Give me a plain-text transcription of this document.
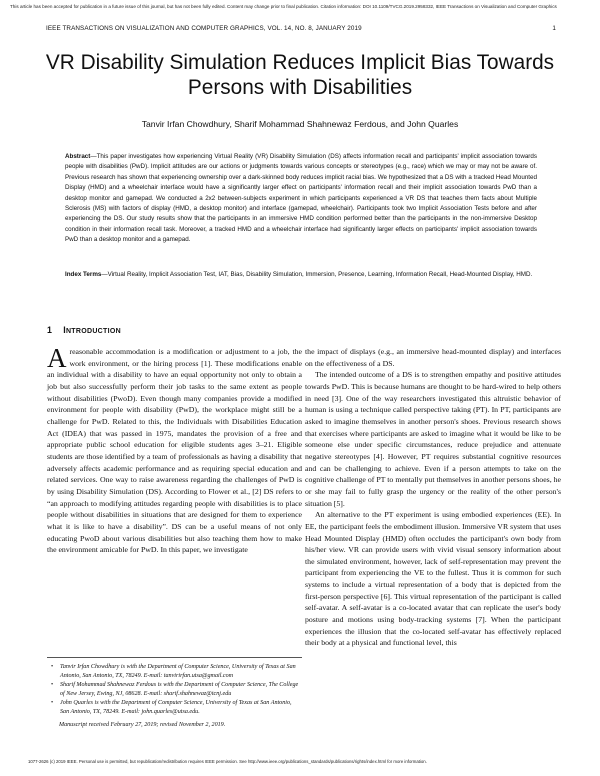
This article has been accepted for publication in a future issue of this journal, but has not been fully edited. Content may change prior to final publication. Citation information: DOI 10.1109/TVCG.2019.2958332, IEEE Transactions on Visualization and Computer Graphics
IEEE TRANSACTIONS ON VISUALIZATION AND COMPUTER GRAPHICS, VOL. 14, NO. 8, JANUARY 2019	1
VR Disability Simulation Reduces Implicit Bias Towards Persons with Disabilities
Tanvir Irfan Chowdhury, Sharif Mohammad Shahnewaz Ferdous, and John Quarles
Abstract—This paper investigates how experiencing Virtual Reality (VR) Disability Simulation (DS) affects information recall and participants' implicit association towards people with disabilities (PwD). Implicit attitudes are our actions or judgments towards various concepts or stereotypes (e.g., race) which we may or may not be aware of. Previous research has shown that experiencing ownership over a dark-skinned body reduces implicit racial bias. We hypothesized that a DS with a tracked Head Mounted Display (HMD) and a wheelchair interface would have a significantly larger effect on participants' information recall and their implicit association towards PwD than a desktop monitor and gamepad. We conducted a 2x2 between-subjects experiment in which participants experienced a VR DS that teaches them facts about Multiple Sclerosis (MS) with factors of display (HMD, a desktop monitor) and interface (gamepad, wheelchair). Participants took two Implicit Association Tests before and after experiencing the DS. Our study results show that the participants in an immersive HMD condition performed better than the participants in the non-immersive Desktop condition in their information recall task. Moreover, a tracked HMD and a wheelchair interface had significantly larger effects on participants' implicit association towards PwD than a desktop monitor and a gamepad.
Index Terms—Virtual Reality, Implicit Association Test, IAT, Bias, Disability Simulation, Immersion, Presence, Learning, Information Recall, Head-Mounted Display, HMD.
1 INTRODUCTION

Areasonable accommodation is a modification or adjustment to a job, the work environment, or the hiring process [1]. These modifications enable an individual with a disability to have an equal opportunity not only to obtain a job but also successfully perform their job tasks to the same extent as people without disabilities (PwoD). Even though many companies provide a modified environment for people with disability (PwD), the workplace might still be a challenge for PwD. Related to this, the Individuals with Disabilities Education Act (IDEA) that was passed in 1975, mandates the provision of a free and appropriate public school education for eligible students ages 3–21. Eligible students are those identified by a team of professionals as having a disability that adversely affects academic performance and as requiring special education and related services. One way to raise awareness regarding the challenges of PwD is by using Disability Simulation (DS). According to Flower et al., [2] DS refers to “an approach to modifying attitudes regarding people with disabilities is to place people without disabilities in situations that are designed for them to experience what it is like to have a disability”. DS can be a useful means of not only educating PwoD about various disabilities but also teaching them how to make the environment amicable for PwD. In this paper, we investigate

the impact of displays (e.g., an immersive head-mounted display) and interfaces on the effectiveness of a DS.

The intended outcome of a DS is to strengthen empathy and positive attitudes towards PwD. This is because humans are thought to be hard-wired to help others in need [3]. One of the way researchers investigated this altruistic behavior of human is using a technique called perspective taking (PT). In PT, participants are asked to imagine themselves in another person's shoes. Previous research shows that exercises where participants are asked to imagine what it would be like to be someone else under specific circumstances, reduce prejudice and attenuate negative stereotypes [4]. However, PT requires substantial cognitive resources and can be challenging to achieve. Even if a person attempts to take on the cognitive challenge of PT to mentally put themselves in another persons shoes, he or she may fail to fully grasp the urgency or the reality of the other person's situation [5].

An alternative to the PT experiment is using embodied experiences (EE). In EE, the participant feels the embodiment illusion. Immersive VR system that uses Head Mounted Display (HMD) often occludes the participant's own body from his/her view. VR can provide users with vivid visual sensory information about the simulated environment, however, lack of self-representation may prevent the participant from experiencing the VE to the fullest. Thus it is common for such systems to include a virtual representation of a body that is depicted from the first-person perspective [6]. This virtual representation of the participant is called self-avatar. A self-avatar is a co-located avatar that can replicate the user's body posture and motions using body-tracking systems [7]. When the participant experiences the illusion that the co-located self-avatar has effectively replaced their body at a physical and functional level, this

• Tanvir Irfan Chowdhury is with the Department of Computer Science, University of Texas at San Antonio, San Antonio, TX, 78249. E-mail: tanvirirfan.utsa@gmail.com
• Sharif Mohammad Shahnewaz Ferdous is with the Department of Computer Science, The College of New Jersey, Ewing, NJ, 08628. E-mail: sharif.shahnewaz@tcnj.edu
• John Quarles is with the Department of Computer Science, University of Texas at San Antonio, San Antonio, TX, 78249. E-mail: john.quarles@utsa.edu.
Manuscript received February 27, 2019; revised November 2, 2019.
1077-2626 (c) 2019 IEEE. Personal use is permitted, but republication/redistribution requires IEEE permission. See http://www.ieee.org/publications_standards/publications/rights/index.html for more information.
